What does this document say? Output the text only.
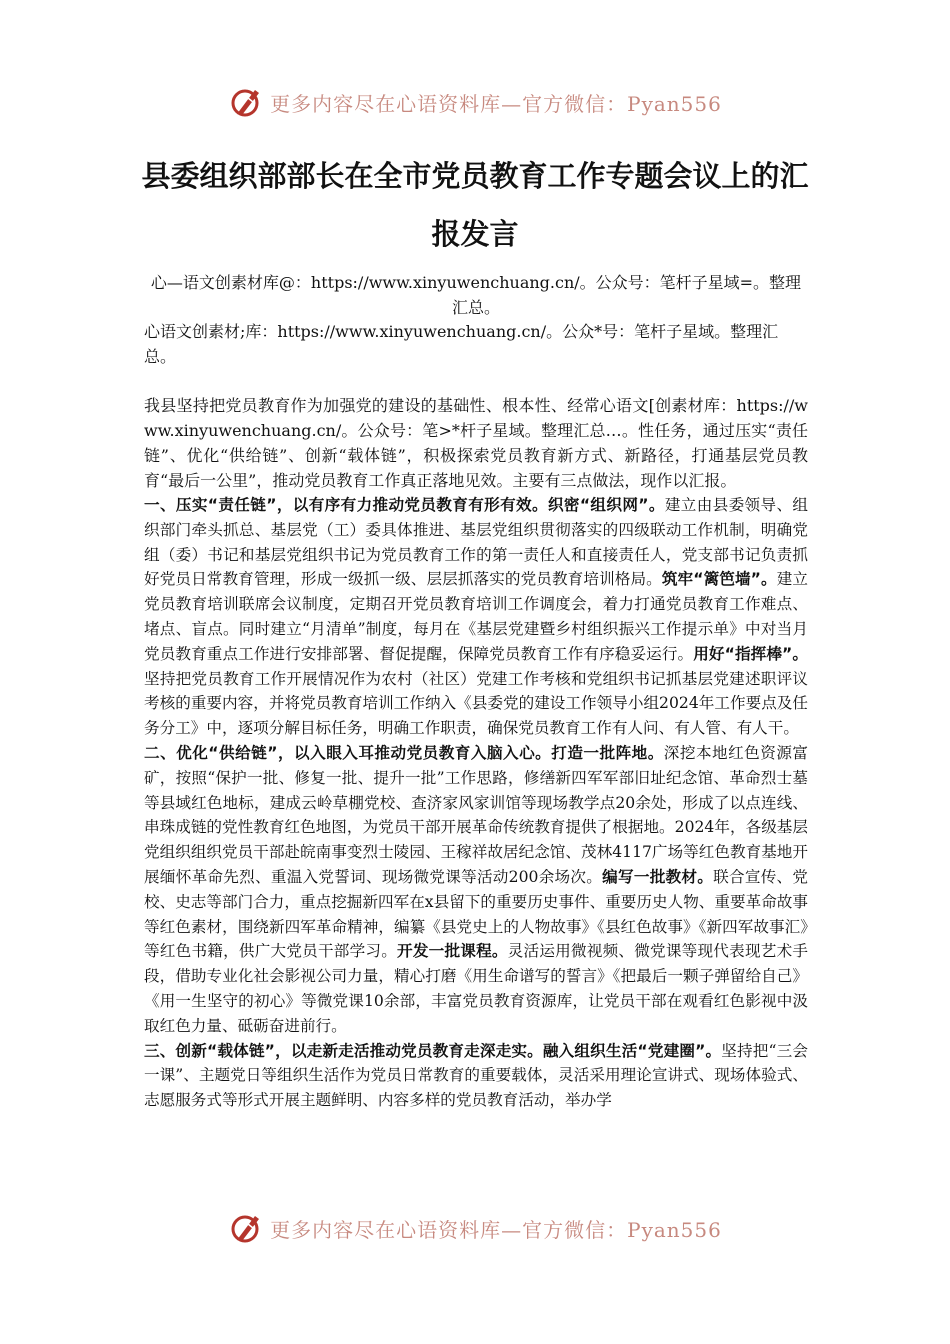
更多内容尽在心语资料库—官方微信：Pyan556
县委组织部部长在全市党员教育工作专题会议上的汇报发言

心—语文创素材库@：https://www.xinyuwenchuang.cn/。公众号：笔杆子星域=。整理汇总。

心语文创素材;库：https://www.xinyuwenchuang.cn/。公众*号：笔杆子星域。整理汇总。

我县坚持把党员教育作为加强党的建设的基础性、根本性、经常心语文[创素材库：https://www.xinyuwenchuang.cn/。公众号：笔>*杆子星域。整理汇总…。性任务，通过压实“责任链”、优化“供给链”、创新“载体链”，积极探索党员教育新方式、新路径，打通基层党员教育“最后一公里”，推动党员教育工作真正落地见效。主要有三点做法，现作以汇报。

一、压实“责任链”，以有序有力推动党员教育有形有效。织密“组织网”。建立由县委领导、组织部门牵头抓总、基层党（工）委具体推进、基层党组织贯彻落实的四级联动工作机制，明确党组（委）书记和基层党组织书记为党员教育工作的第一责任人和直接责任人，党支部书记负责抓好党员日常教育管理，形成一级抓一级、层层抓落实的党员教育培训格局。筑牢“篱笆墙”。建立党员教育培训联席会议制度，定期召开党员教育培训工作调度会，着力打通党员教育工作难点、堵点、盲点。同时建立“月清单”制度，每月在《基层党建暨乡村组织振兴工作提示单》中对当月党员教育重点工作进行安排部署、督促提醒，保障党员教育工作有序稳妥运行。用好“指挥棒”。坚持把党员教育工作开展情况作为农村（社区）党建工作考核和党组织书记抓基层党建述职评议考核的重要内容，并将党员教育培训工作纳入《县委党的建设工作领导小组2024年工作要点及任务分工》中，逐项分解目标任务，明确工作职责，确保党员教育工作有人问、有人管、有人干。

二、优化“供给链”，以入眼入耳推动党员教育入脑入心。打造一批阵地。深挖本地红色资源富矿，按照“保护一批、修复一批、提升一批”工作思路，修缮新四军军部旧址纪念馆、革命烈士墓等县域红色地标，建成云岭草棚党校、查济家风家训馆等现场教学点20余处，形成了以点连线、串珠成链的党性教育红色地图，为党员干部开展革命传统教育提供了根据地。2024年，各级基层党组织组织党员干部赴皖南事变烈士陵园、王稼祥故居纪念馆、茂林4117广场等红色教育基地开展缅怀革命先烈、重温入党誓词、现场微党课等活动200余场次。编写一批教材。联合宣传、党校、史志等部门合力，重点挖掘新四军在x县留下的重要历史事件、重要历史人物、重要革命故事等红色素材，围绕新四军革命精神，编纂《县党史上的人物故事》《县红色故事》《新四军故事汇》等红色书籍，供广大党员干部学习。开发一批课程。灵活运用微视频、微党课等现代表现艺术手段，借助专业化社会影视公司力量，精心打磨《用生命谱写的誓言》《把最后一颗子弹留给自己》《用一生坚守的初心》等微党课10余部，丰富党员教育资源库，让党员干部在观看红色影视中汲取红色力量、砥砺奋进前行。

三、创新“载体链”，以走新走活推动党员教育走深走实。融入组织生活“党建圈”。坚持把“三会一课”、主题党日等组织生活作为党员日常教育的重要载体，灵活采用理论宣讲式、现场体验式、志愿服务式等形式开展主题鲜明、内容多样的党员教育活动，举办学

更多内容尽在心语资料库—官方微信：Pyan556
